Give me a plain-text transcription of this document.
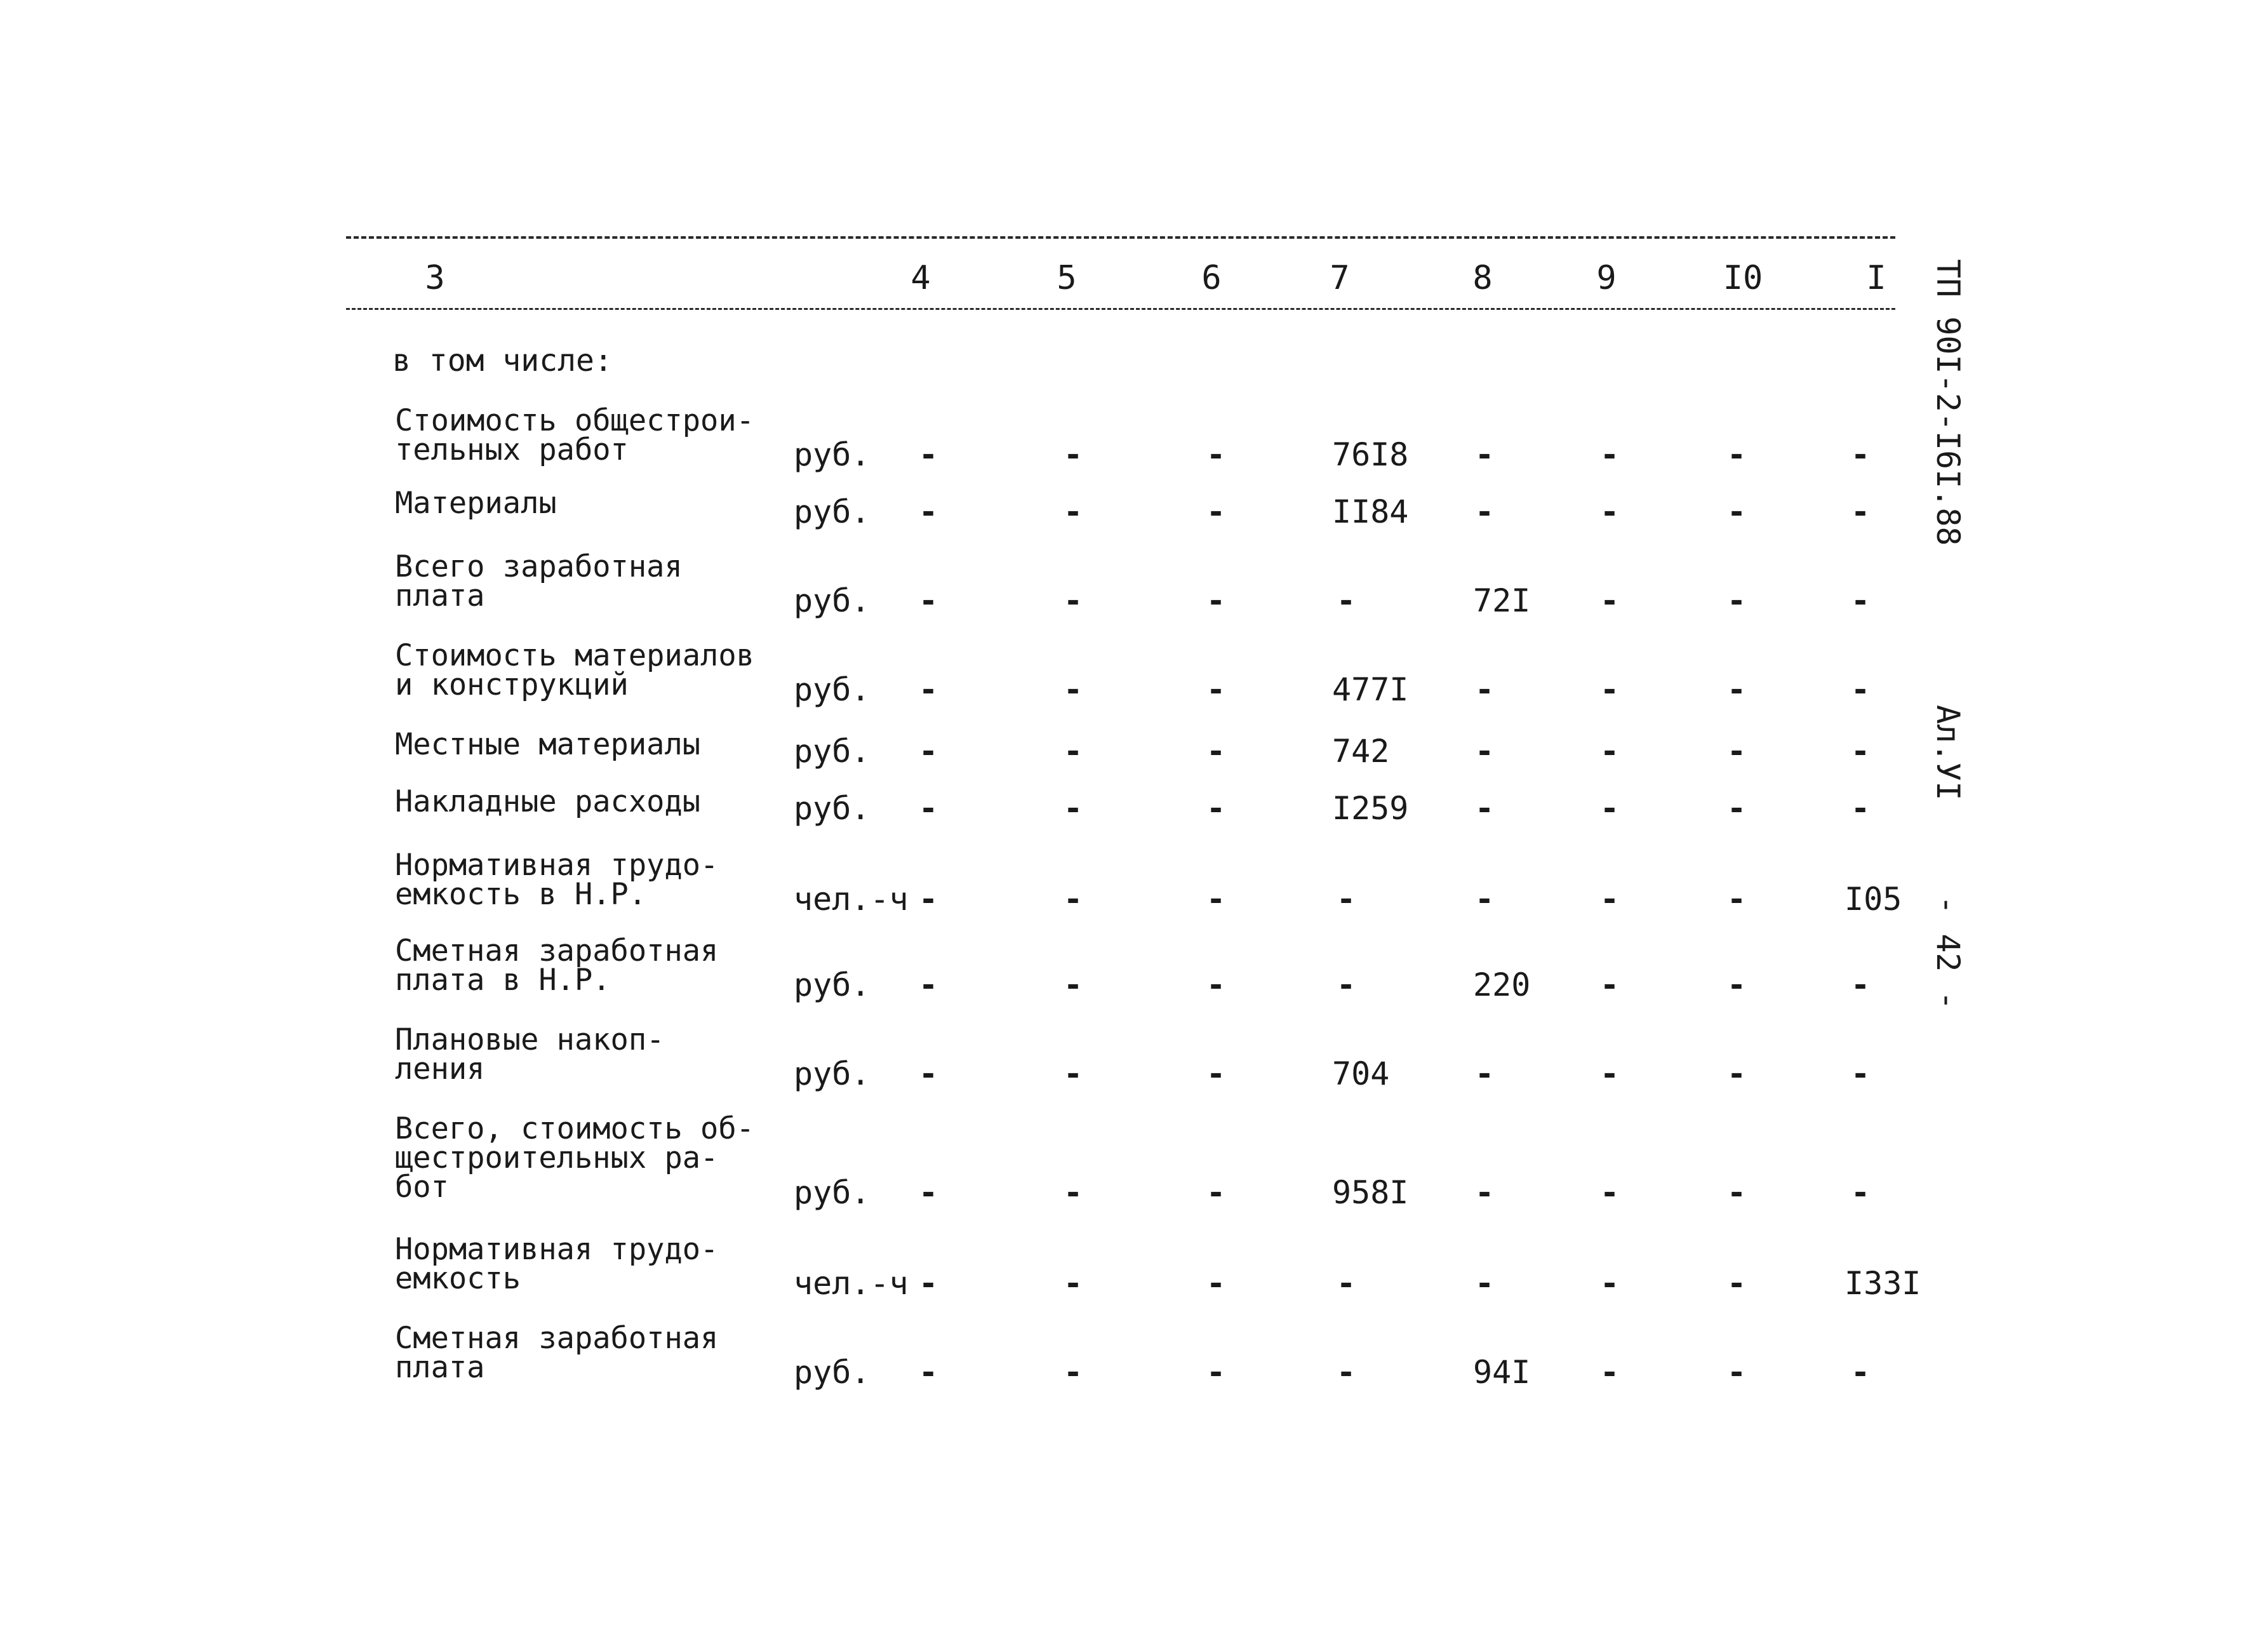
3	4	5	6	7	8	9	I0	I
в том числе:
Стоимость общестрои-
тельных работ	руб. -	-	-	76I8 -	-	-	-
Материалы	руб. -	-	-	II84 -	-	-	-
Всего заработная
плата	руб. -	-	-	-	72I -	-	-
Стоимость материалов
и конструкций	руб. -	-	-	477I -	-	-	-
Местные материалы	руб. -	-	-	742	-	-	-	-
Накладные расходы	руб. -	-	-	I259 -	-	-	-
Нормативная трудо-
емкость в Н.Р.	чел.-ч -	-	-	-	-	-	-	I05
Сметная заработная
плата в Н.Р.	руб. -	-	-	-	220 -	-	-
Плановые накоп-
ления	руб. -	-	-	704	-	-	-	-
Всего, стоимость об-
щестроительных ра-
бот	руб. -	-	-	958I -	-	-	-
Нормативная трудо-
емкость	чел.-ч -	-	-	-	-	-	-	I33I
Сметная заработная
плата	руб. -	-	-	-	94I -	-	-
ТП 90I-2-I6I.88 Ал.УI - 42 -
